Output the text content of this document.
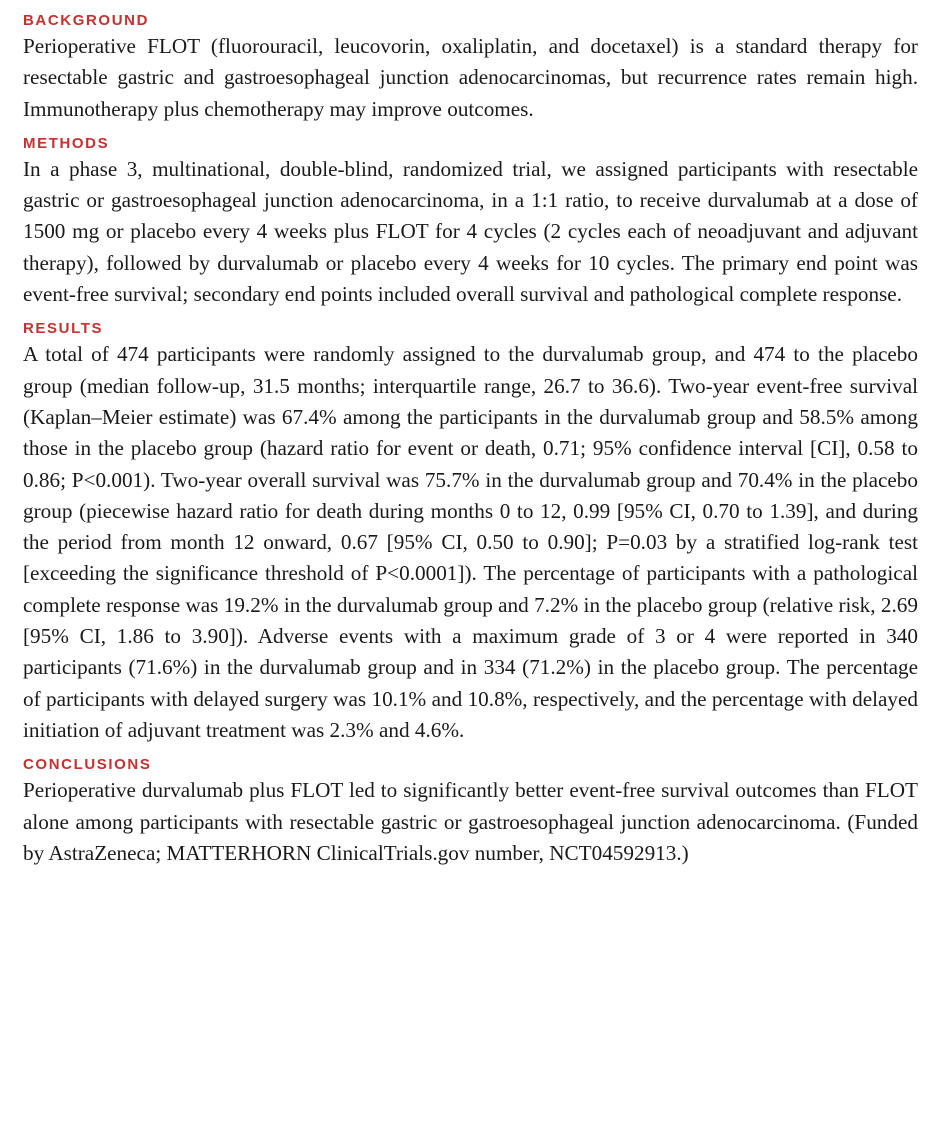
BACKGROUND

Perioperative FLOT (fluorouracil, leucovorin, oxaliplatin, and docetaxel) is a standard therapy for resectable gastric and gastroesophageal junction adenocarcinomas, but recurrence rates remain high. Immunotherapy plus chemotherapy may improve outcomes.

METHODS

In a phase 3, multinational, double-blind, randomized trial, we assigned participants with resectable gastric or gastroesophageal junction adenocarcinoma, in a 1:1 ratio, to receive durvalumab at a dose of 1500 mg or placebo every 4 weeks plus FLOT for 4 cycles (2 cycles each of neoadjuvant and adjuvant therapy), followed by durvalumab or placebo every 4 weeks for 10 cycles. The primary end point was event-free survival; secondary end points included overall survival and pathological complete response.

RESULTS

A total of 474 participants were randomly assigned to the durvalumab group, and 474 to the placebo group (median follow-up, 31.5 months; interquartile range, 26.7 to 36.6). Two-year event-free survival (Kaplan–Meier estimate) was 67.4% among the participants in the durvalumab group and 58.5% among those in the placebo group (hazard ratio for event or death, 0.71; 95% confidence interval [CI], 0.58 to 0.86; P<0.001). Two-year overall survival was 75.7% in the durvalumab group and 70.4% in the placebo group (piecewise hazard ratio for death during months 0 to 12, 0.99 [95% CI, 0.70 to 1.39], and during the period from month 12 onward, 0.67 [95% CI, 0.50 to 0.90]; P=0.03 by a stratified log-rank test [exceeding the significance threshold of P<0.0001]). The percentage of participants with a pathological complete response was 19.2% in the durvalumab group and 7.2% in the placebo group (relative risk, 2.69 [95% CI, 1.86 to 3.90]). Adverse events with a maximum grade of 3 or 4 were reported in 340 participants (71.6%) in the durvalumab group and in 334 (71.2%) in the placebo group. The percentage of participants with delayed surgery was 10.1% and 10.8%, respectively, and the percentage with delayed initiation of adjuvant treatment was 2.3% and 4.6%.

CONCLUSIONS

Perioperative durvalumab plus FLOT led to significantly better event-free survival outcomes than FLOT alone among participants with resectable gastric or gastroesophageal junction adenocarcinoma. (Funded by AstraZeneca; MATTERHORN ClinicalTrials.gov number, NCT04592913.)
